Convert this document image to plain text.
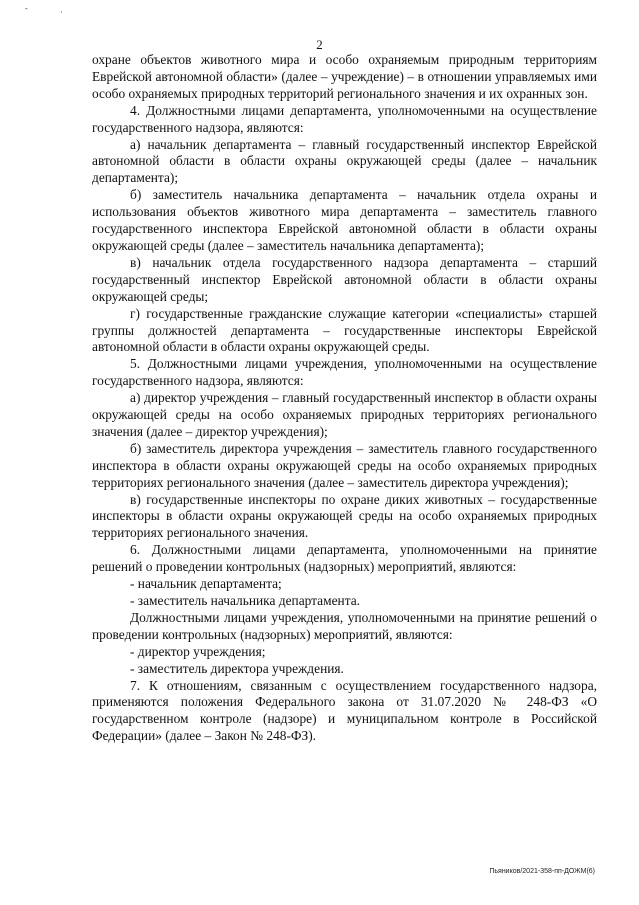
ˉ	·
2

охране объектов животного мира и особо охраняемым природным территориям Еврейской автономной области» (далее – учреждение) – в отношении управляемых ими особо охраняемых природных территорий регионального значения и их охранных зон.

4. Должностными лицами департамента, уполномоченными на осуществление государственного надзора, являются:

а) начальник департамента – главный государственный инспектор Еврейской автономной области в области охраны окружающей среды (далее – начальник департамента);

б) заместитель начальника департамента – начальник отдела охраны и использования объектов животного мира департамента – заместитель главного государственного инспектора Еврейской автономной области в области охраны окружающей среды (далее – заместитель начальника департамента);

в) начальник отдела государственного надзора департамента – старший государственный инспектор Еврейской автономной области в области охраны окружающей среды;

г) государственные гражданские служащие категории «специалисты» старшей группы должностей департамента – государственные инспекторы Еврейской автономной области в области охраны окружающей среды.

5. Должностными лицами учреждения, уполномоченными на осуществление государственного надзора, являются:

а) директор учреждения – главный государственный инспектор в области охраны окружающей среды на особо охраняемых природных территориях регионального значения (далее – директор учреждения);

б) заместитель директора учреждения – заместитель главного государственного инспектора в области охраны окружающей среды на особо охраняемых природных территориях регионального значения (далее – заместитель директора учреждения);

в) государственные инспекторы по охране диких животных – государственные инспекторы в области охраны окружающей среды на особо охраняемых природных территориях регионального значения.

6. Должностными лицами департамента, уполномоченными на принятие решений о проведении контрольных (надзорных) мероприятий, являются:

- начальник департамента;

- заместитель начальника департамента.

Должностными лицами учреждения, уполномоченными на принятие решений о проведении контрольных (надзорных) мероприятий, являются:

- директор учреждения;

- заместитель директора учреждения.

7. К отношениям, связанным с осуществлением государственного надзора, применяются положения Федерального закона от 31.07.2020 № 248-ФЗ «О государственном контроле (надзоре) и муниципальном контроле в Российской Федерации» (далее – Закон № 248-ФЗ).

Пьяников/2021-358-пп-ДОЖМ(6)
